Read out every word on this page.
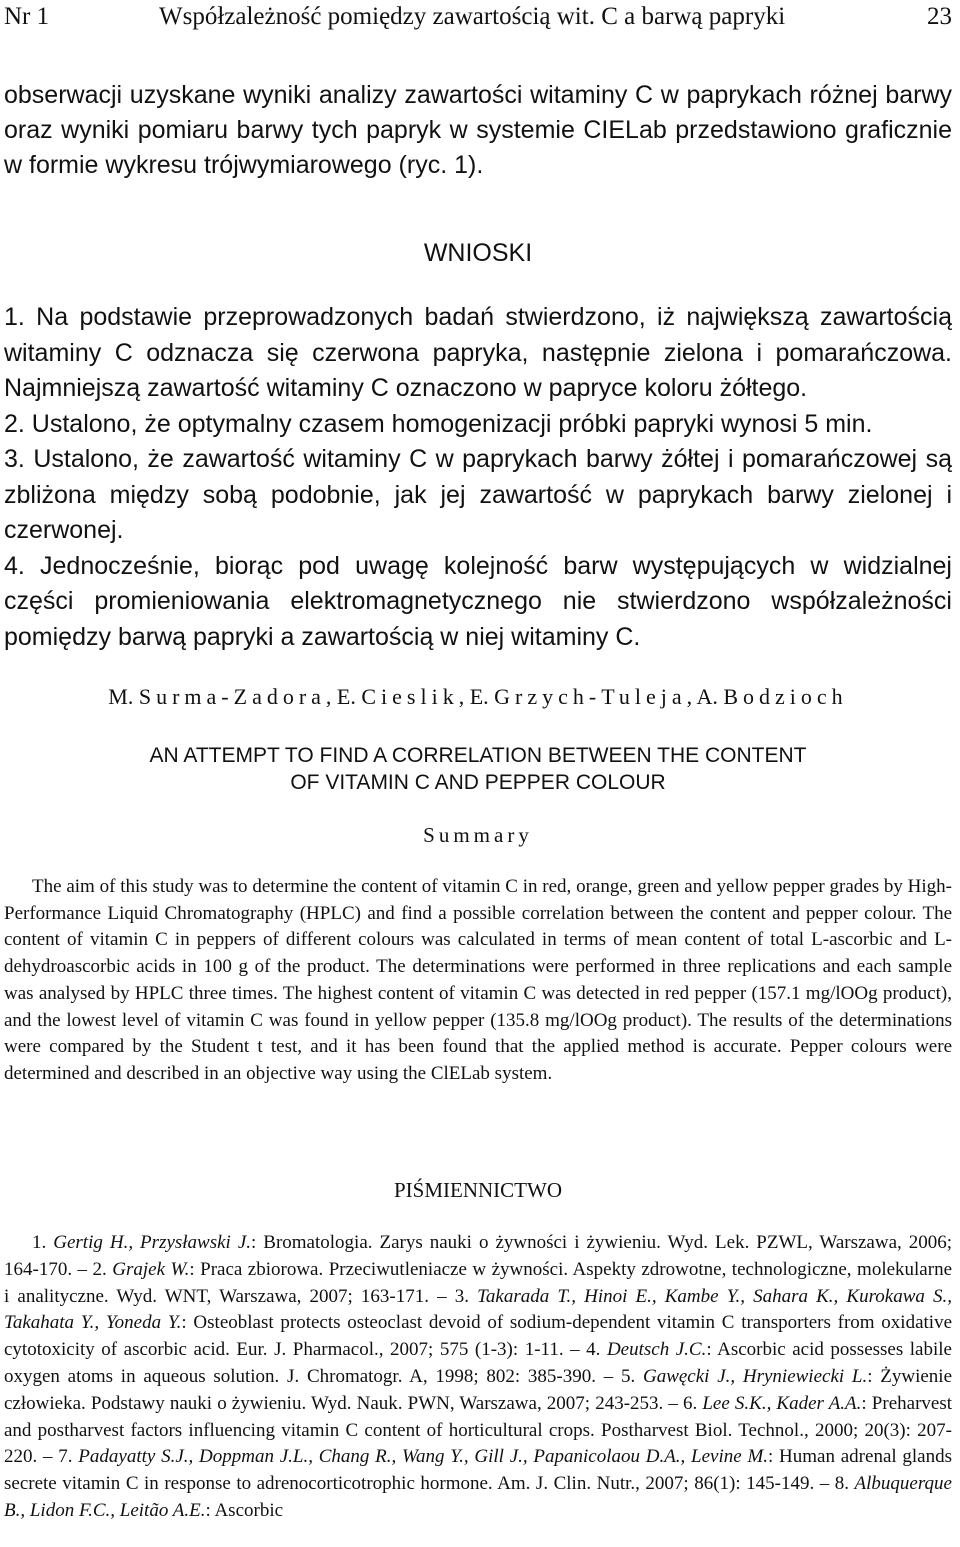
Nr 1	Współzależność pomiędzy zawartością wit. C a barwą papryki	23

obserwacji uzyskane wyniki analizy zawartości witaminy C w paprykach różnej barwy oraz wyniki pomiaru barwy tych papryk w systemie CIELab przedstawiono graficznie w formie wykresu trójwymiarowego (ryc. 1).

WNIOSKI

1. Na podstawie przeprowadzonych badań stwierdzono, iż największą zawartością witaminy C odznacza się czerwona papryka, następnie zielona i pomarańczowa. Najmniejszą zawartość witaminy C oznaczono w papryce koloru żółtego.

2. Ustalono, że optymalny czasem homogenizacji próbki papryki wynosi 5 min.

3. Ustalono, że zawartość witaminy C w paprykach barwy żółtej i pomarańczowej są zbliżona między sobą podobnie, jak jej zawartość w paprykach barwy zielonej i czerwonej.

4. Jednocześnie, biorąc pod uwagę kolejność barw występujących w widzialnej części promieniowania elektromagnetycznego nie stwierdzono współzależności pomiędzy barwą papryki a zawartością w niej witaminy C.

M. Surma-Zadora, E. Cieslik, E. Grzych-Tuleja, A. Bodzioch
AN ATTEMPT TO FIND A CORRELATION BETWEEN THE CONTENT
OF VITAMIN C AND PEPPER COLOUR
Summary

The aim of this study was to determine the content of vitamin C in red, orange, green and yellow pepper grades by High-Performance Liquid Chromatography (HPLC) and find a possible correlation between the content and pepper colour. The content of vitamin C in peppers of different colours was calculated in terms of mean content of total L-ascorbic and L-dehydroascorbic acids in 100 g of the product. The determinations were performed in three replications and each sample was analysed by HPLC three times. The highest content of vitamin C was detected in red pepper (157.1 mg/lOOg product), and the lowest level of vitamin C was found in yellow pepper (135.8 mg/lOOg product). The results of the determinations were compared by the Student t test, and it has been found that the applied method is accurate. Pepper colours were determined and described in an objective way using the ClELab system.

PIŚMIENNICTWO

1. Gertig H., Przysławski J.: Bromatologia. Zarys nauki o żywności i żywieniu. Wyd. Lek. PZWL, Warszawa, 2006; 164-170. – 2. Grajek W.: Praca zbiorowa. Przeciwutleniacze w żywności. Aspekty zdrowotne, technologiczne, molekularne i analityczne. Wyd. WNT, Warszawa, 2007; 163-171. – 3. Takarada T., Hinoi E., Kambe Y., Sahara K., Kurokawa S., Takahata Y., Yoneda Y.: Osteoblast protects osteoclast devoid of sodium-dependent vitamin C transporters from oxidative cytotoxicity of ascorbic acid. Eur. J. Pharmacol., 2007; 575 (1-3): 1-11. – 4. Deutsch J.C.: Ascorbic acid possesses labile oxygen atoms in aqueous solution. J. Chromatogr. A, 1998; 802: 385-390. – 5. Gawęcki J., Hryniewiecki L.: Żywienie człowieka. Podstawy nauki o żywieniu. Wyd. Nauk. PWN, Warszawa, 2007; 243-253. – 6. Lee S.K., Kader A.A.: Preharvest and postharvest factors influencing vitamin C content of horticultural crops. Postharvest Biol. Technol., 2000; 20(3): 207-220. – 7. Padayatty S.J., Doppman J.L., Chang R., Wang Y., Gill J., Papanicolaou D.A., Levine M.: Human adrenal glands secrete vitamin C in response to adrenocorticotrophic hormone. Am. J. Clin. Nutr., 2007; 86(1): 145-149. – 8. Albuquerque B., Lidon F.C., Leitão A.E.: Ascorbic
